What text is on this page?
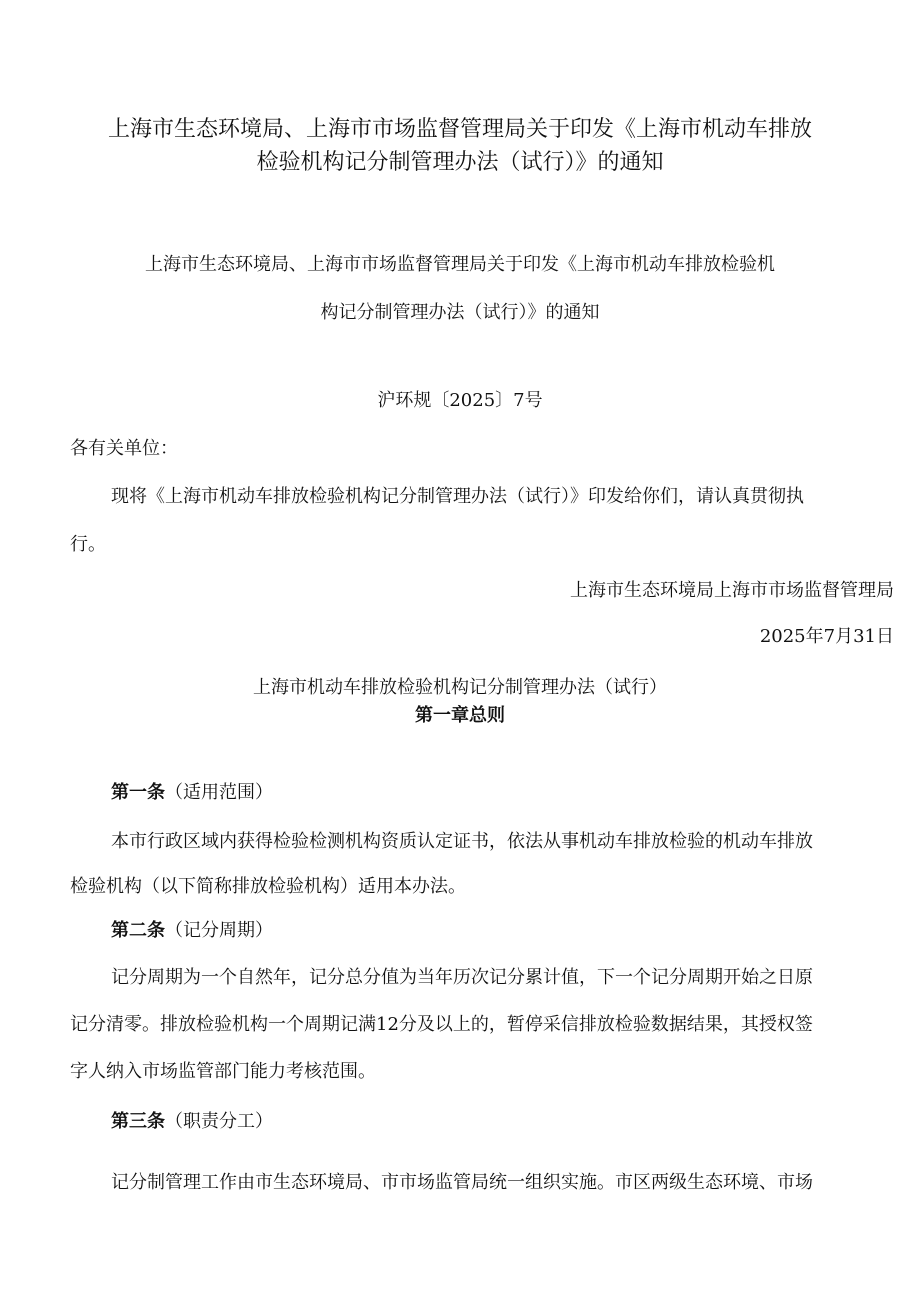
上海市生态环境局、上海市市场监督管理局关于印发《上海市机动车排放
检验机构记分制管理办法（试行）》的通知
上海市生态环境局、上海市市场监督管理局关于印发《上海市机动车排放检验机
构记分制管理办法（试行）》的通知
沪环规〔2025〕7号
各有关单位：
现将《上海市机动车排放检验机构记分制管理办法（试行）》印发给你们，请认真贯彻执
行。
上海市生态环境局上海市市场监督管理局
2025年7月31日
上海市机动车排放检验机构记分制管理办法（试行）
第一章总则
第一条（适用范围）
本市行政区域内获得检验检测机构资质认定证书，依法从事机动车排放检验的机动车排放
检验机构（以下简称排放检验机构）适用本办法。
第二条（记分周期）
记分周期为一个自然年，记分总分值为当年历次记分累计值，下一个记分周期开始之日原
记分清零。排放检验机构一个周期记满12分及以上的，暂停采信排放检验数据结果，其授权签
字人纳入市场监管部门能力考核范围。
第三条（职责分工）
记分制管理工作由市生态环境局、市市场监管局统一组织实施。市区两级生态环境、市场
